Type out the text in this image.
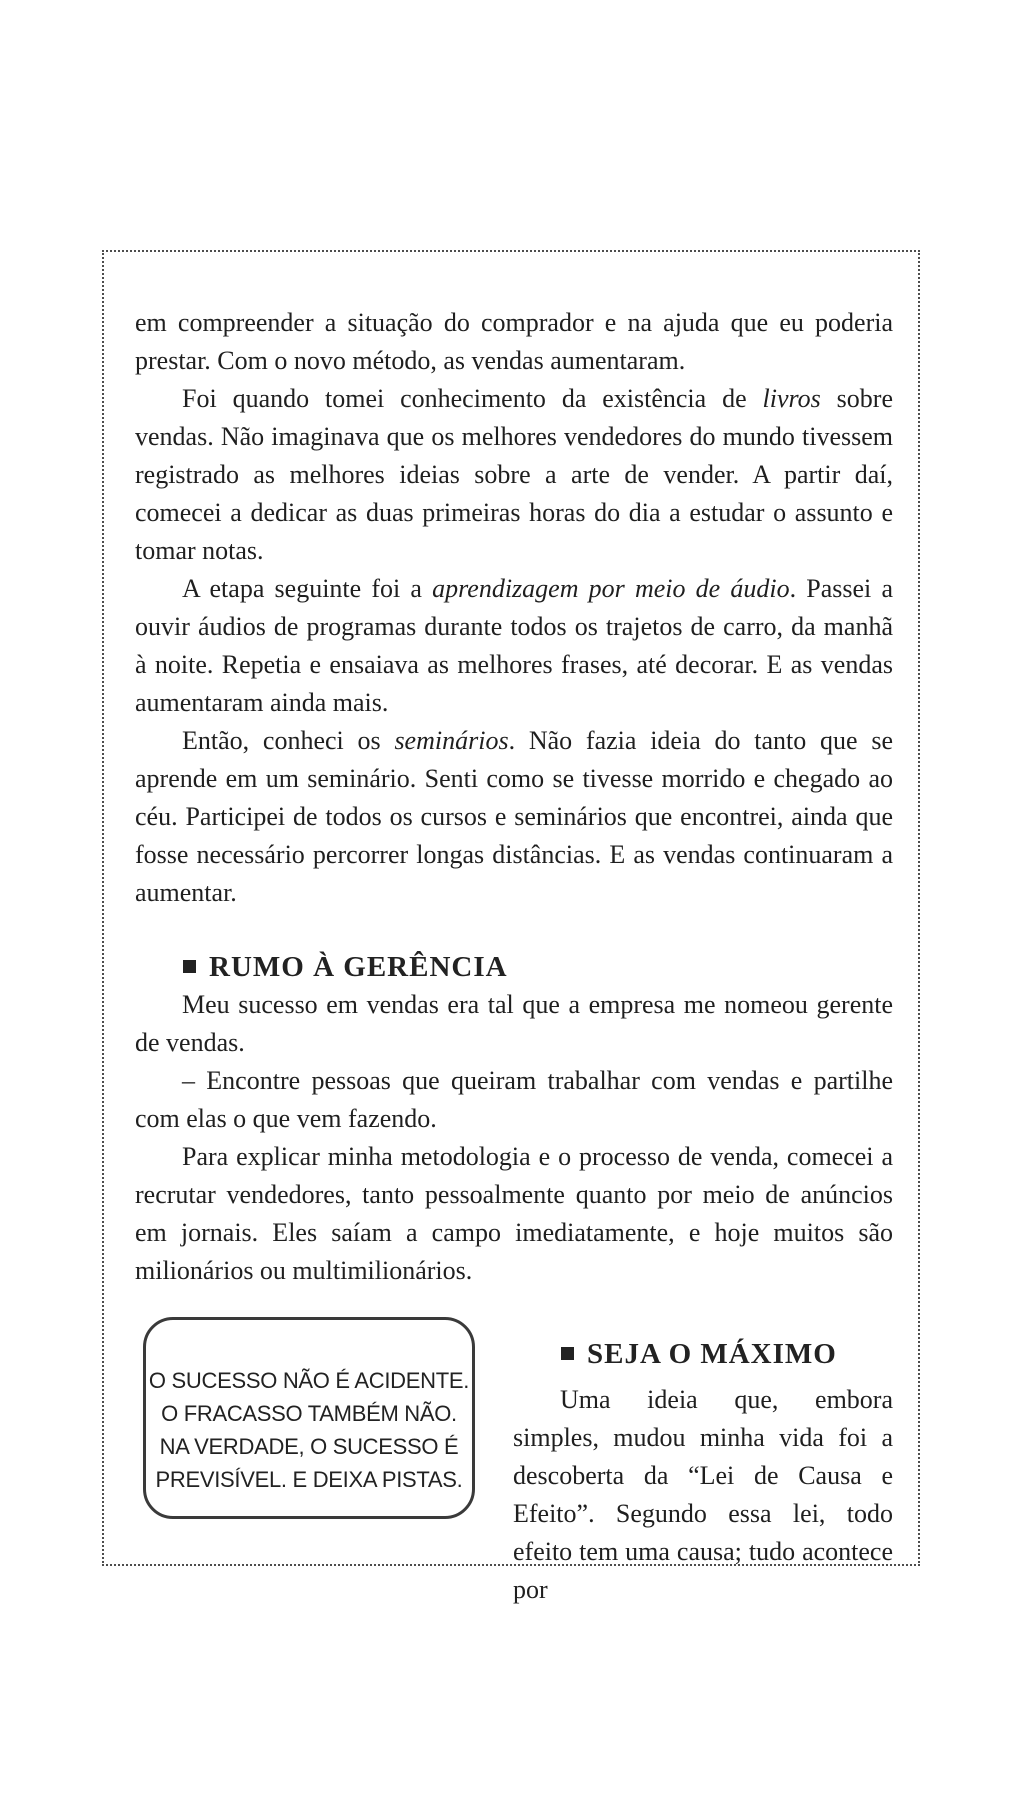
em compreender a situação do comprador e na ajuda que eu poderia prestar. Com o novo método, as vendas aumentaram.

Foi quando tomei conhecimento da existência de livros sobre vendas. Não imaginava que os melhores vendedores do mundo tivessem registrado as melhores ideias sobre a arte de vender. A partir daí, comecei a dedicar as duas primeiras horas do dia a estudar o assunto e tomar notas.

A etapa seguinte foi a aprendizagem por meio de áudio. Passei a ouvir áudios de programas durante todos os trajetos de carro, da manhã à noite. Repetia e ensaiava as melhores frases, até decorar. E as vendas aumentaram ainda mais.

Então, conheci os seminários. Não fazia ideia do tanto que se aprende em um seminário. Senti como se tivesse morrido e chegado ao céu. Participei de todos os cursos e seminários que encontrei, ainda que fosse necessário percorrer longas distâncias. E as vendas continuaram a aumentar.

RUMO À GERÊNCIA

Meu sucesso em vendas era tal que a empresa me nomeou gerente de vendas.

– Encontre pessoas que queiram trabalhar com vendas e partilhe com elas o que vem fazendo.

Para explicar minha metodologia e o processo de venda, comecei a recrutar vendedores, tanto pessoalmente quanto por meio de anúncios em jornais. Eles saíam a campo imediatamente, e hoje muitos são milionários ou multimilionários.

O SUCESSO NÃO É ACIDENTE.
O FRACASSO TAMBÉM NÃO.
NA VERDADE, O SUCESSO É
PREVISÍVEL. E DEIXA PISTAS.
SEJA O MÁXIMO

Uma ideia que, embora simples, mudou minha vida foi a descoberta da “Lei de Causa e Efeito”. Segundo essa lei, todo efeito tem uma causa; tudo acontece por
